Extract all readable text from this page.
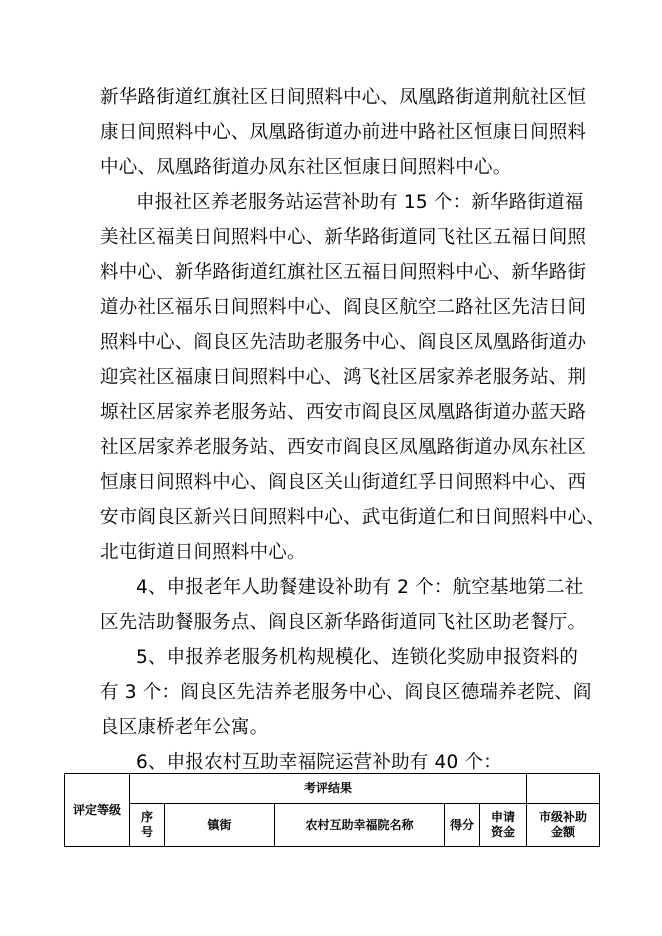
新华路街道红旗社区日间照料中心、凤凰路街道荆航社区恒
康日间照料中心、凤凰路街道办前进中路社区恒康日间照料
中心、凤凰路街道办凤东社区恒康日间照料中心。
申报社区养老服务站运营补助有 15 个：新华路街道福
美社区福美日间照料中心、新华路街道同飞社区五福日间照
料中心、新华路街道红旗社区五福日间照料中心、新华路街
道办社区福乐日间照料中心、阎良区航空二路社区先洁日间
照料中心、阎良区先洁助老服务中心、阎良区凤凰路街道办
迎宾社区福康日间照料中心、鸿飞社区居家养老服务站、荆
塬社区居家养老服务站、西安市阎良区凤凰路街道办蓝天路
社区居家养老服务站、西安市阎良区凤凰路街道办凤东社区
恒康日间照料中心、阎良区关山街道红孚日间照料中心、西
安市阎良区新兴日间照料中心、武屯街道仁和日间照料中心、
北屯街道日间照料中心。
4、申报老年人助餐建设补助有 2 个：航空基地第二社
区先洁助餐服务点、阎良区新华路街道同飞社区助老餐厅。
5、申报养老服务机构规模化、连锁化奖励申报资料的
有 3 个：阎良区先洁养老服务中心、阎良区德瑞养老院、阎
良区康桥老年公寓。
6、申报农村互助幸福院运营补助有 40 个：
评定等级	考评结果					

	序号	镇街	农村互助幸福院名称	得分	申请资金	市级补助金额
